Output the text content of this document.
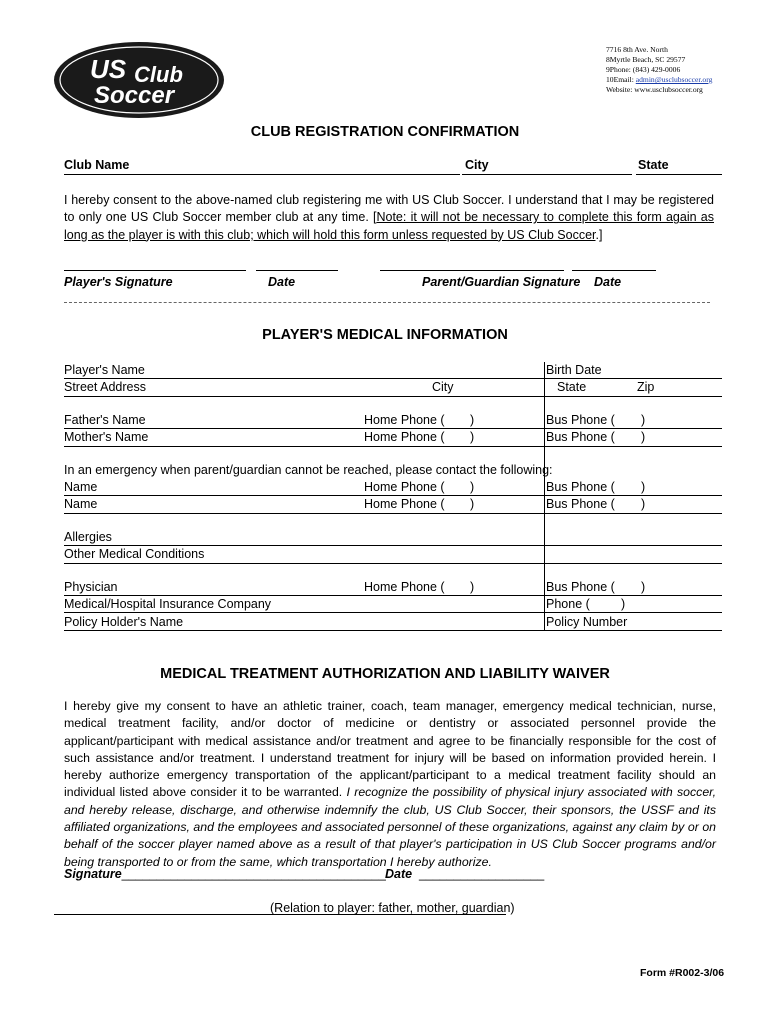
US Club
Soccer
7716 8th Ave. North
8Myrtle Beach, SC 29577
9Phone: (843) 429-0006
10Email: admin@usclubsoccer.org
Website: www.usclubsoccer.org
CLUB REGISTRATION CONFIRMATION
Club Name	City	State
I hereby consent to the above-named club registering me with US Club Soccer. I understand that I may be registered to only one US Club Soccer member club at any time. [Note: it will not be necessary to complete this form again as long as the player is with this club; which will hold this form unless requested by US Club Soccer.]
Player's Signature	Date	Parent/Guardian Signature Date
PLAYER'S MEDICAL INFORMATION
Player's Name	Birth Date
Street Address	City	State	Zip
Father's Name	Home Phone ( )	Bus Phone ( )
Mother's Name	Home Phone ( )	Bus Phone ( )
In an emergency when parent/guardian cannot be reached, please contact the following:
Name	Home Phone ( )	Bus Phone ( )
Name	Home Phone ( )	Bus Phone ( )
Allergies
Other Medical Conditions
Physician	Home Phone ( )	Bus Phone ( )
Medical/Hospital Insurance Company	Phone ( )
Policy Holder's Name	Policy Number
MEDICAL TREATMENT AUTHORIZATION AND LIABILITY WAIVER
I hereby give my consent to have an athletic trainer, coach, team manager, emergency medical technician, nurse, medical treatment facility, and/or doctor of medicine or dentistry or associated personnel provide the applicant/participant with medical assistance and/or treatment and agree to be financially responsible for the cost of such assistance and/or treatment. I understand treatment for injury will be based on information provided herein. I hereby authorize emergency transportation of the applicant/participant to a medical treatment facility should an individual listed above consider it to be warranted. I recognize the possibility of physical injury associated with soccer, and hereby release, discharge, and otherwise indemnify the club, US Club Soccer, their sponsors, the USSF and its affiliated organizations, and the employees and associated personnel of these organizations, against any claim by or on behalf of the soccer player named above as a result of that player's participation in US Club Soccer programs and/or being transported to or from the same, which transportation I hereby authorize.
Signature______________________________________ Date __________________
(Relation to player: father, mother, guardian)
Form #R002-3/06
